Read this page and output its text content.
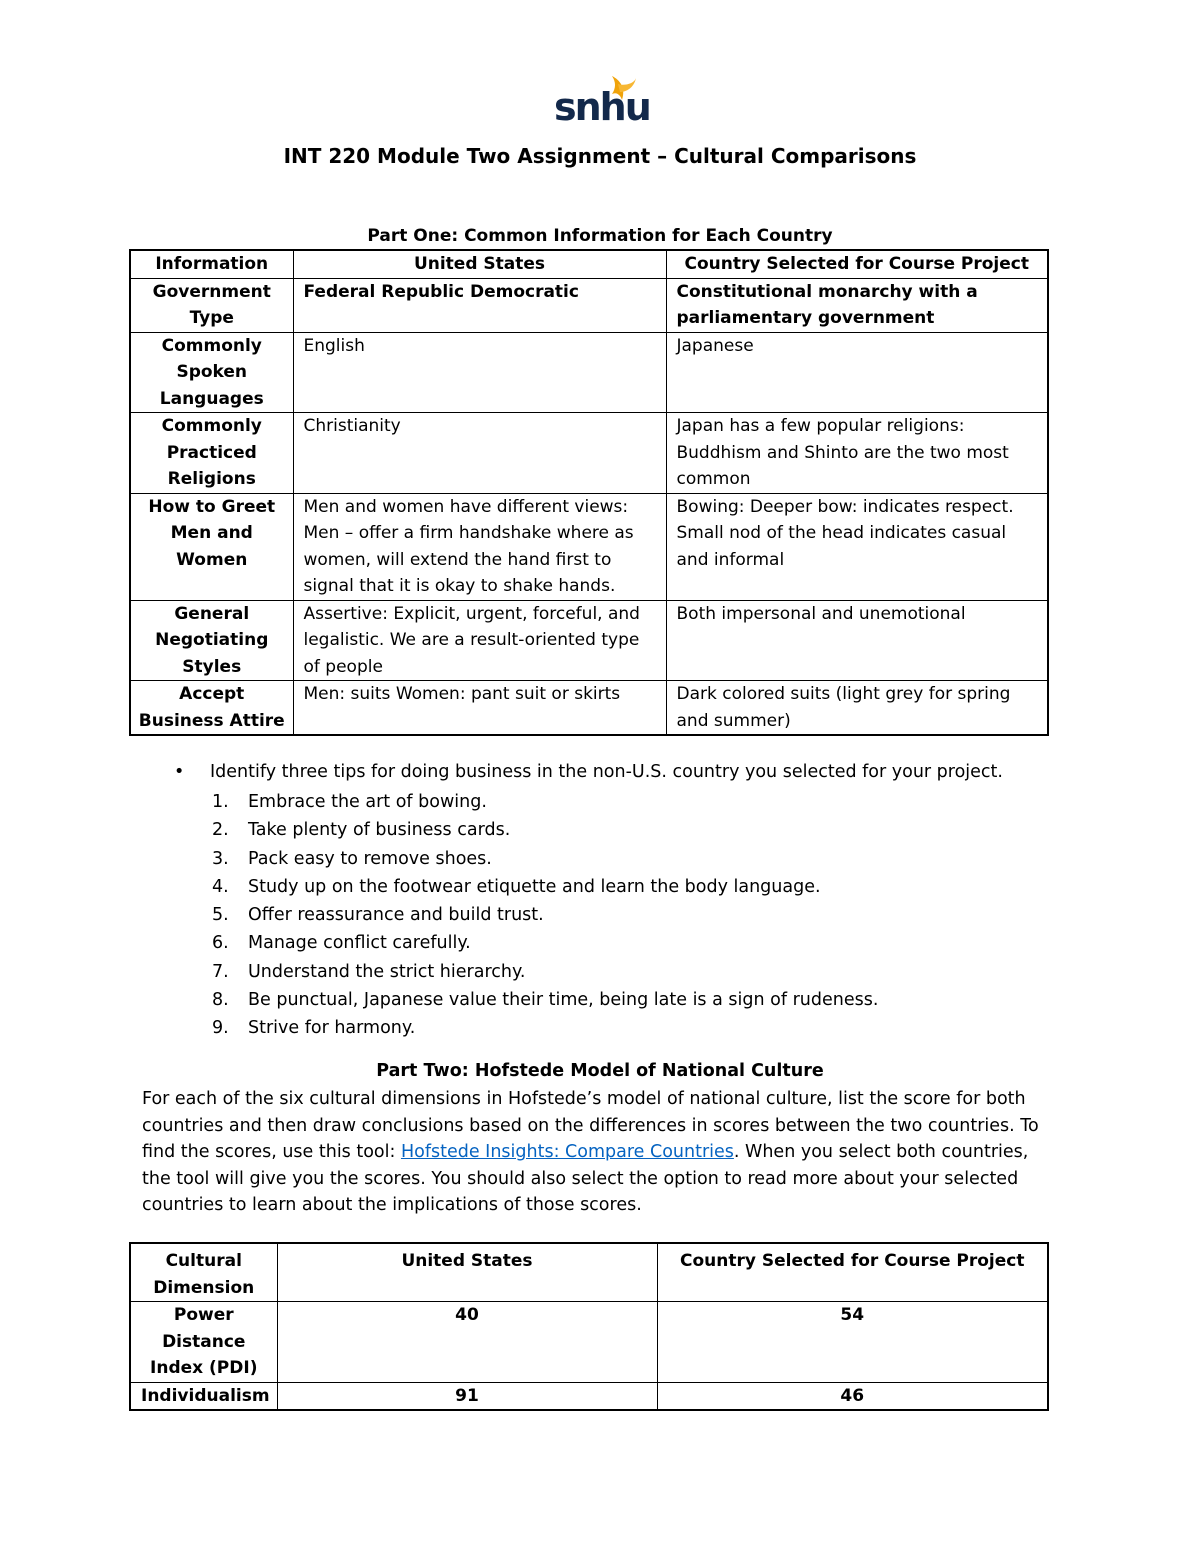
snhu
INT 220 Module Two Assignment – Cultural Comparisons
Part One: Common Information for Each Country
Information	United States	Country Selected for Course Project
Government Type	Federal Republic Democratic	Constitutional monarchy with a parliamentary government
Commonly Spoken Languages	English	Japanese
Commonly Practiced Religions	Christianity	Japan has a few popular religions: Buddhism and Shinto are the two most common
How to Greet Men and Women	Men and women have different views: Men – offer a firm handshake where as women, will extend the hand first to signal that it is okay to shake hands.	Bowing: Deeper bow: indicates respect. Small nod of the head indicates casual and informal
General Negotiating Styles	Assertive: Explicit, urgent, forceful, and legalistic. We are a result-oriented type of people	Both impersonal and unemotional
Accept Business Attire	Men: suits Women: pant suit or skirts	Dark colored suits (light grey for spring and summer)
• Identify three tips for doing business in the non-U.S. country you selected for your project.
1.	Embrace the art of bowing.
2.	Take plenty of business cards.
3.	Pack easy to remove shoes.
4.	Study up on the footwear etiquette and learn the body language.
5.	Offer reassurance and build trust.
6.	Manage conflict carefully.
7.	Understand the strict hierarchy.
8.	Be punctual, Japanese value their time, being late is a sign of rudeness.
9.	Strive for harmony.
Part Two: Hofstede Model of National Culture
For each of the six cultural dimensions in Hofstede’s model of national culture, list the score for both countries and then draw conclusions based on the differences in scores between the two countries. To find the scores, use this tool: Hofstede Insights: Compare Countries. When you select both countries, the tool will give you the scores. You should also select the option to read more about your selected countries to learn about the implications of those scores.
Cultural Dimension	United States	Country Selected for Course Project
Power Distance Index (PDI)	40	54
Individualism	91	46
